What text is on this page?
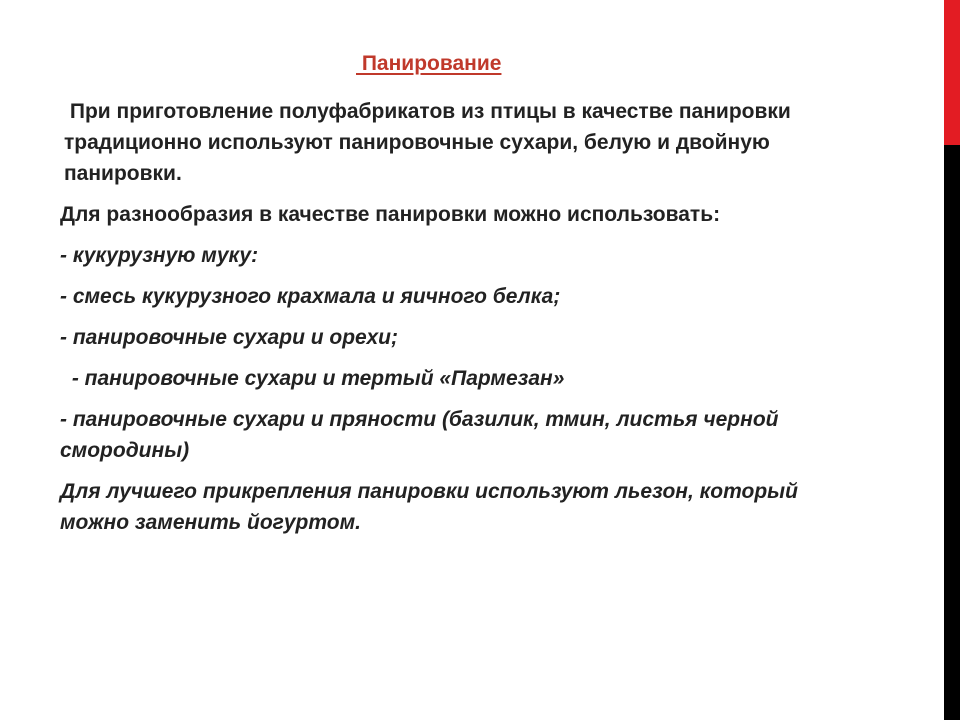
Панирование

При приготовление полуфабрикатов из птицы в качестве панировки традиционно используют панировочные сухари, белую и двойную панировки.

Для разнообразия в качестве панировки можно использовать:

- кукурузную муку:

- смесь кукурузного крахмала и яичного белка;

- панировочные сухари и орехи;

- панировочные сухари и тертый «Пармезан»

- панировочные сухари и пряности (базилик, тмин, листья черной смородины)

Для лучшего прикрепления панировки используют льезон, который можно заменить йогуртом.
